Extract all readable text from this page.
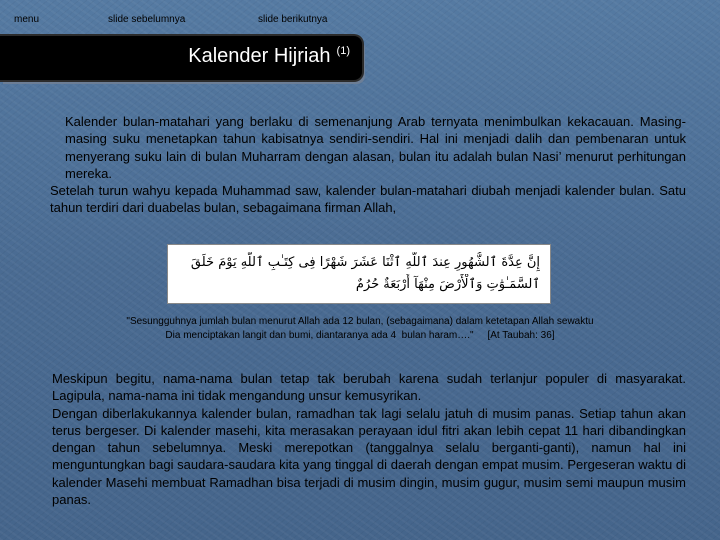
menu	slide sebelumnya	slide berikutnya
Kalender Hijriah $^{(1)}$
Kalender bulan-matahari yang berlaku di semenanjung Arab ternyata menimbulkan kekacauan. Masing-masing suku menetapkan tahun kabisatnya sendiri-sendiri. Hal ini menjadi dalih dan pembenaran untuk menyerang suku lain di bulan Muharram dengan alasan, bulan itu adalah bulan Nasi’ menurut perhitungan mereka.
Setelah turun wahyu kepada Muhammad saw, kalender bulan-matahari diubah menjadi kalender bulan. Satu tahun terdiri dari duabelas bulan, sebagaimana firman Allah,
إِنَّ عِدَّةَ ٱلشُّهُورِ عِندَ ٱللَّهِ ٱثْنَا عَشَرَ شَهْرًا فِى كِتَـٰبِ ٱللَّهِ يَوْمَ خَلَقَ
ٱلسَّمَـٰوَٰتِ وَٱلْأَرْضَ مِنْهَآ أَرْبَعَةٌ حُرُمٌ
"Sesungguhnya jumlah bulan menurut Allah ada 12 bulan, (sebagaimana) dalam ketetapan Allah sewaktu
Dia menciptakan langit dan bumi, diantaranya ada 4  bulan haram…."     [At Taubah: 36]
Meskipun begitu, nama-nama bulan tetap tak berubah karena sudah terlanjur populer di masyarakat. Lagipula, nama-nama ini tidak mengandung unsur kemusyrikan.
Dengan diberlakukannya kalender bulan, ramadhan tak lagi selalu jatuh di musim panas. Setiap tahun akan terus bergeser. Di kalender masehi, kita merasakan perayaan idul fitri akan lebih cepat 11 hari dibandingkan dengan tahun sebelumnya. Meski merepotkan (tanggalnya selalu berganti-ganti), namun hal ini menguntungkan bagi saudara-saudara kita yang tinggal di daerah dengan empat musim. Pergeseran waktu di kalender Masehi membuat Ramadhan bisa terjadi di musim dingin, musim gugur, musim semi maupun musim panas.
